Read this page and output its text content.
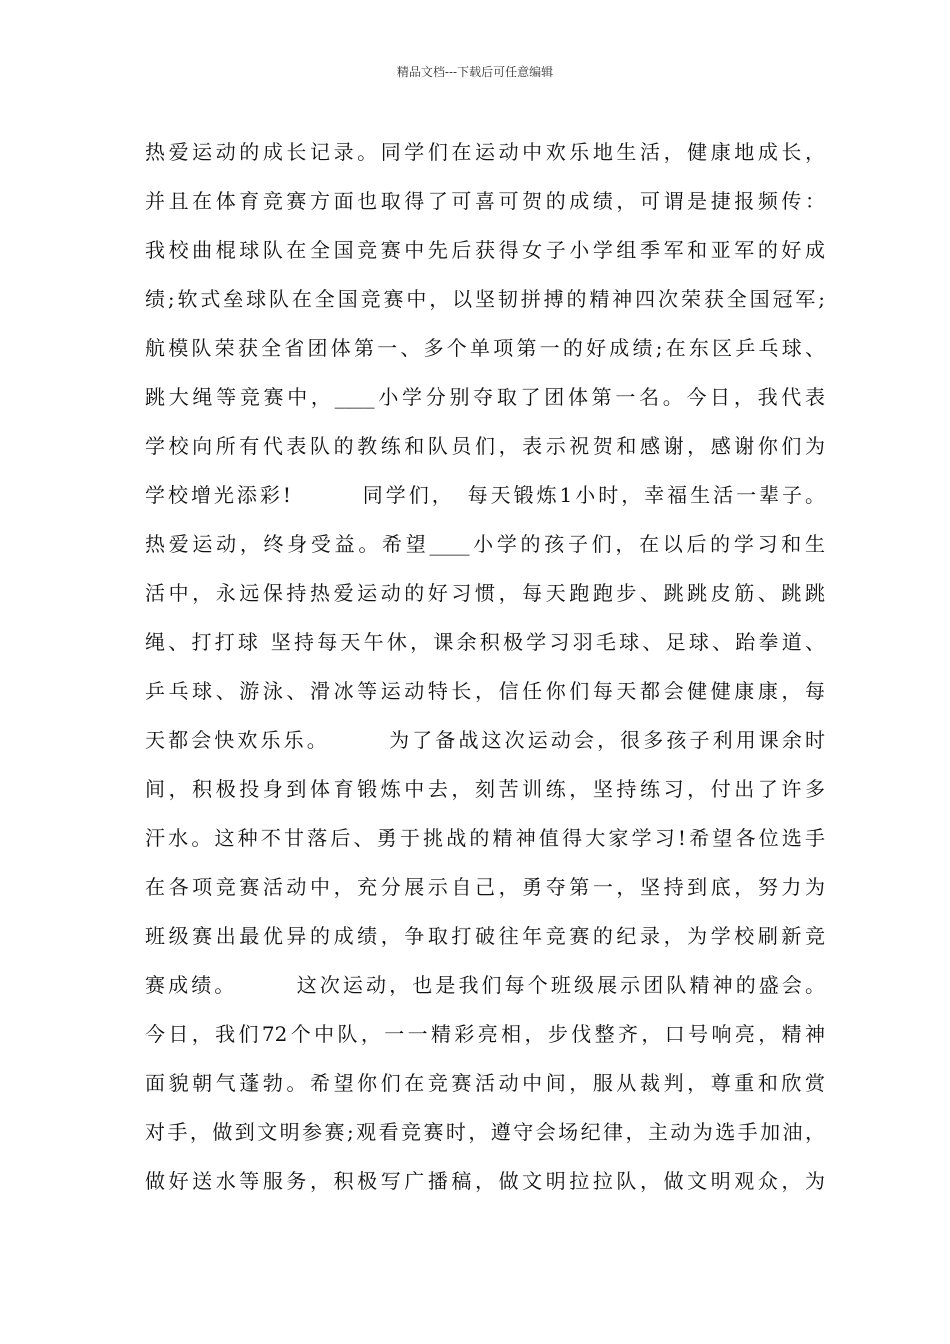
精品文档---下载后可任意编辑
热爱运动的成长记录。同学们在运动中欢乐地生活，健康地成长，
并且在体育竞赛方面也取得了可喜可贺的成绩，可谓是捷报频传：
我校曲棍球队在全国竞赛中先后获得女子小学组季军和亚军的好成
绩;软式垒球队在全国竞赛中，以坚韧拼搏的精神四次荣获全国冠军;
航模队荣获全省团体第一、多个单项第一的好成绩;在东区乒乓球、
跳大绳等竞赛中，____小学分别夺取了团体第一名。今日，我代表
学校向所有代表队的教练和队员们，表示祝贺和感谢，感谢你们为
学校增光添彩!　　　同学们，　每天锻炼1小时，幸福生活一辈子。
热爱运动，终身受益。希望____小学的孩子们，在以后的学习和生
活中，永远保持热爱运动的好习惯，每天跑跑步、跳跳皮筋、跳跳
绳、打打球 坚持每天午休，课余积极学习羽毛球、足球、跆拳道、
乒乓球、游泳、滑冰等运动特长，信任你们每天都会健健康康，每
天都会快欢乐乐。　　　为了备战这次运动会，很多孩子利用课余时
间，积极投身到体育锻炼中去，刻苦训练，坚持练习，付出了许多
汗水。这种不甘落后、勇于挑战的精神值得大家学习!希望各位选手
在各项竞赛活动中，充分展示自己，勇夺第一，坚持到底，努力为
班级赛出最优异的成绩，争取打破往年竞赛的纪录，为学校刷新竞
赛成绩。　　　这次运动，也是我们每个班级展示团队精神的盛会。
今日，我们72个中队，一一精彩亮相，步伐整齐，口号响亮，精神
面貌朝气蓬勃。希望你们在竞赛活动中间，服从裁判，尊重和欣赏
对手，做到文明参赛;观看竞赛时，遵守会场纪律，主动为选手加油，
做好送水等服务，积极写广播稿，做文明拉拉队，做文明观众，为
